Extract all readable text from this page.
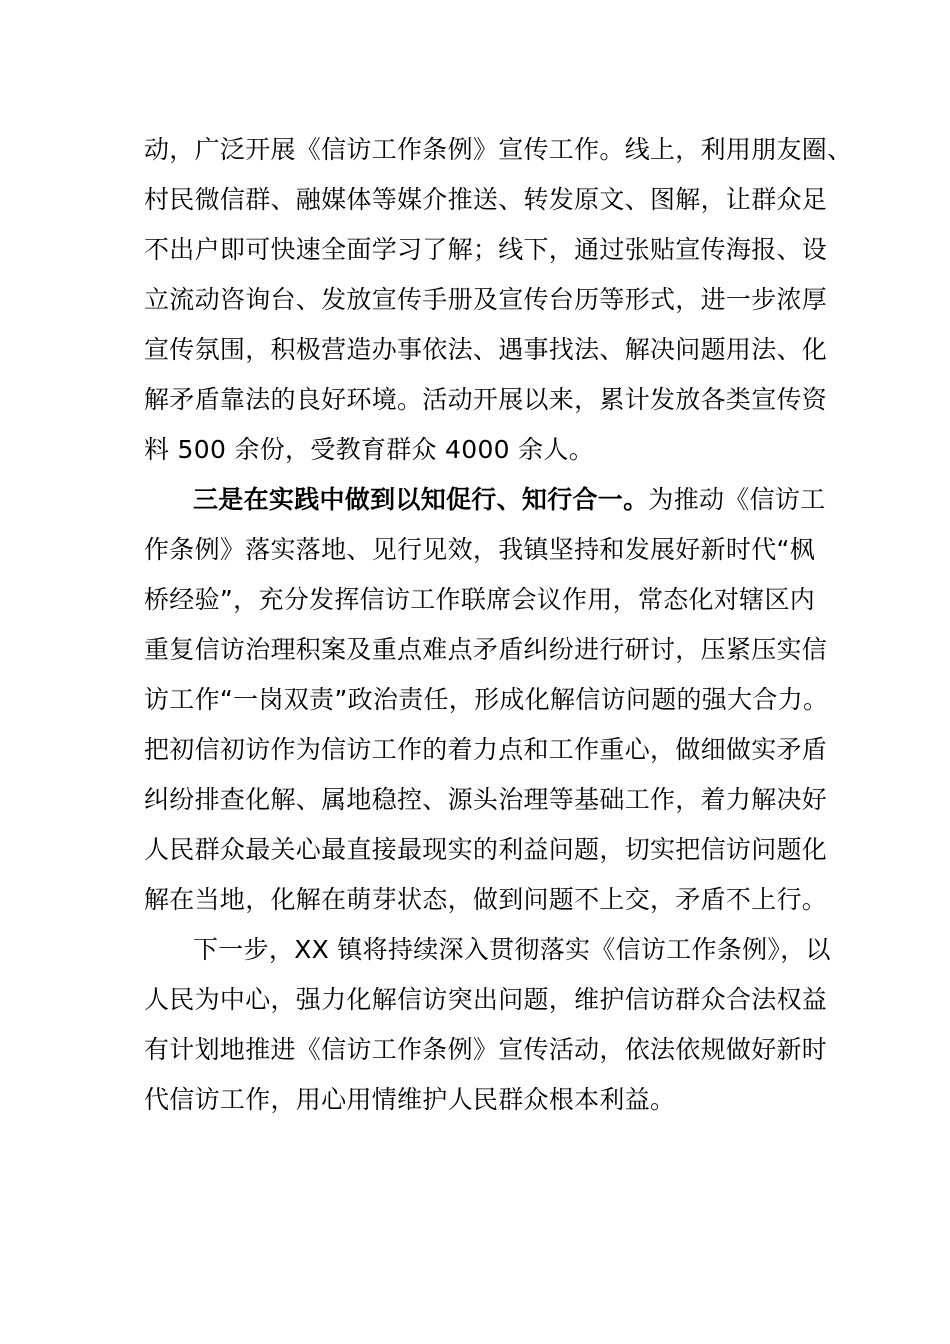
动，广泛开展《信访工作条例》宣传工作。线上，利用朋友圈、
村民微信群、融媒体等媒介推送、转发原文、图解，让群众足
不出户即可快速全面学习了解；线下，通过张贴宣传海报、设
立流动咨询台、发放宣传手册及宣传台历等形式，进一步浓厚
宣传氛围，积极营造办事依法、遇事找法、解决问题用法、化
解矛盾靠法的良好环境。活动开展以来，累计发放各类宣传资
料 500 余份，受教育群众 4000 余人。
三是在实践中做到以知促行、知行合一。为推动《信访工
作条例》落实落地、见行见效，我镇坚持和发展好新时代“枫
桥经验”，充分发挥信访工作联席会议作用，常态化对辖区内
重复信访治理积案及重点难点矛盾纠纷进行研讨，压紧压实信
访工作“一岗双责”政治责任，形成化解信访问题的强大合力。
把初信初访作为信访工作的着力点和工作重心，做细做实矛盾
纠纷排查化解、属地稳控、源头治理等基础工作，着力解决好
人民群众最关心最直接最现实的利益问题，切实把信访问题化
解在当地，化解在萌芽状态，做到问题不上交，矛盾不上行。
下一步，XX 镇将持续深入贯彻落实《信访工作条例》，以
人民为中心，强力化解信访突出问题，维护信访群众合法权益
有计划地推进《信访工作条例》宣传活动，依法依规做好新时
代信访工作，用心用情维护人民群众根本利益。
